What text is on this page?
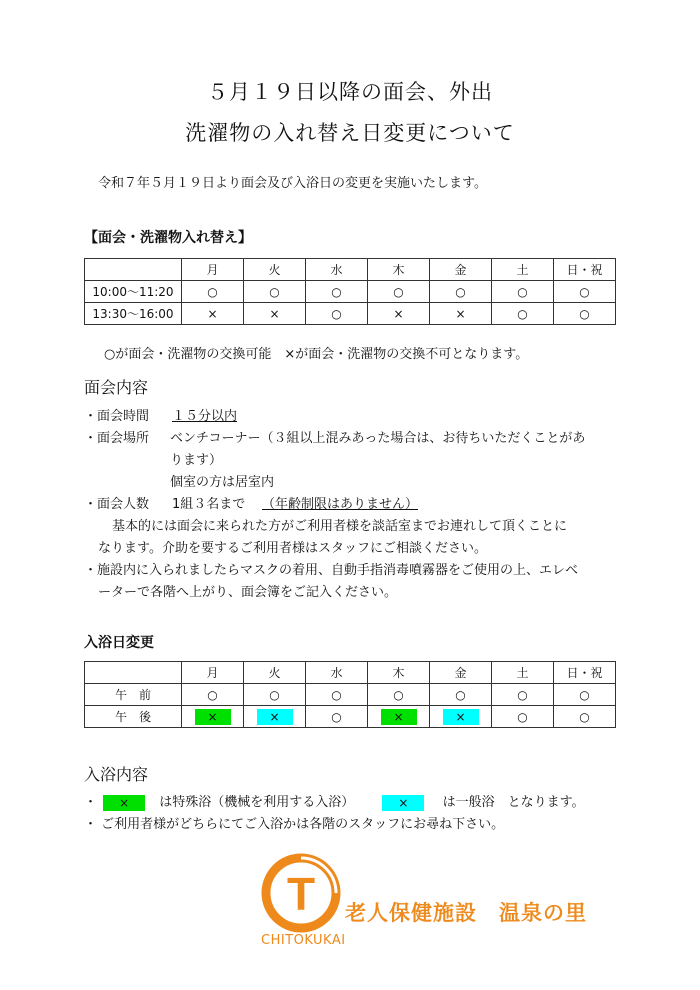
５月１９日以降の面会、外出
洗濯物の入れ替え日変更について
令和７年５月１９日より面会及び入浴日の変更を実施いたします。
【面会・洗濯物入れ替え】
	月	火	水	木	金	土	日・祝
10:00～11:20	○	○	○	○	○	○	○
13:30～16:00	×	×	○	×	×	○	○
○が面会・洗濯物の交換可能　×が面会・洗濯物の交換不可となります。
面会内容
・面会時間 １５分以内
・面会場所 ベンチコーナー（３組以上混みあった場合は、お待ちいただくことがあ
ります）
個室の方は居室内
・面会人数 1組３名まで （年齢制限はありません）
基本的には面会に来られた方がご利用者様を談話室までお連れして頂くことに
なります。介助を要するご利用者様はスタッフにご相談ください。
・施設内に入られましたらマスクの着用、自動手指消毒噴霧器をご使用の上、エレベ
ーターで各階へ上がり、面会簿をご記入ください。
入浴日変更
	月	火	水	木	金	土	日・祝
午　前	○	○	○	○	○	○	○
午　後	×	×	○	×	×	○	○
入浴内容
・ × は特殊浴（機械を利用する入浴）	×	は一般浴　となります。
・ ご利用者様がどちらにてご入浴かは各階のスタッフにお尋ね下さい。
T 老人保健施設　温泉の里
CHITOKUKAI
